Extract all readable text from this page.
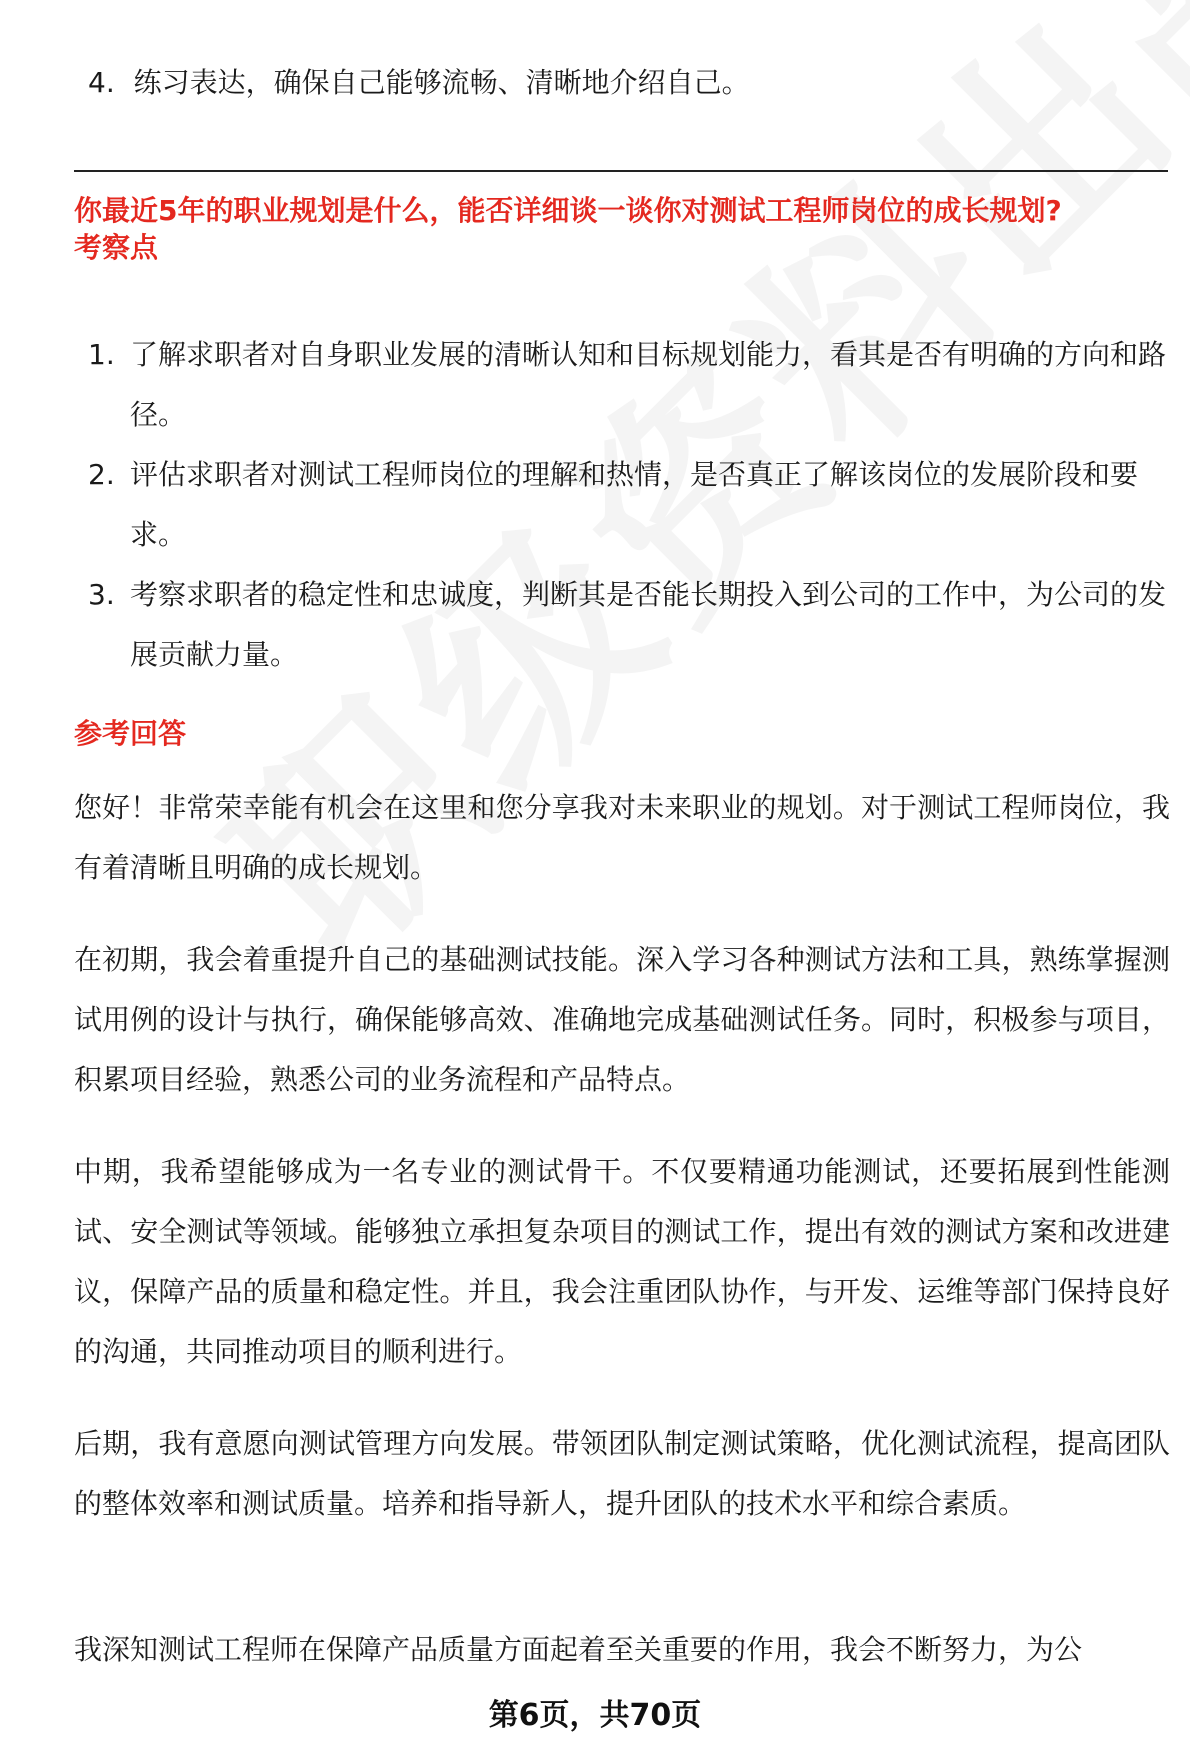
4. 练习表达，确保自己能够流畅、清晰地介绍自己。
你最近5年的职业规划是什么，能否详细谈一谈你对测试工程师岗位的成长规划?
考察点
1. 了解求职者对自身职业发展的清晰认知和目标规划能力，看其是否有明确的方向和路径。
2. 评估求职者对测试工程师岗位的理解和热情，是否真正了解该岗位的发展阶段和要求。
3. 考察求职者的稳定性和忠诚度，判断其是否能长期投入到公司的工作中，为公司的发展贡献力量。
参考回答

您好！非常荣幸能有机会在这里和您分享我对未来职业的规划。对于测试工程师岗位，我有着清晰且明确的成长规划。

在初期，我会着重提升自己的基础测试技能。深入学习各种测试方法和工具，熟练掌握测试用例的设计与执行，确保能够高效、准确地完成基础测试任务。同时，积极参与项目，积累项目经验，熟悉公司的业务流程和产品特点。

中期，我希望能够成为一名专业的测试骨干。不仅要精通功能测试，还要拓展到性能测试、安全测试等领域。能够独立承担复杂项目的测试工作，提出有效的测试方案和改进建议，保障产品的质量和稳定性。并且，我会注重团队协作，与开发、运维等部门保持良好的沟通，共同推动项目的顺利进行。

后期，我有意愿向测试管理方向发展。带领团队制定测试策略，优化测试流程，提高团队的整体效率和测试质量。培养和指导新人，提升团队的技术水平和综合素质。

我深知测试工程师在保障产品质量方面起着至关重要的作用，我会不断努力，为公

第6页，共70页
